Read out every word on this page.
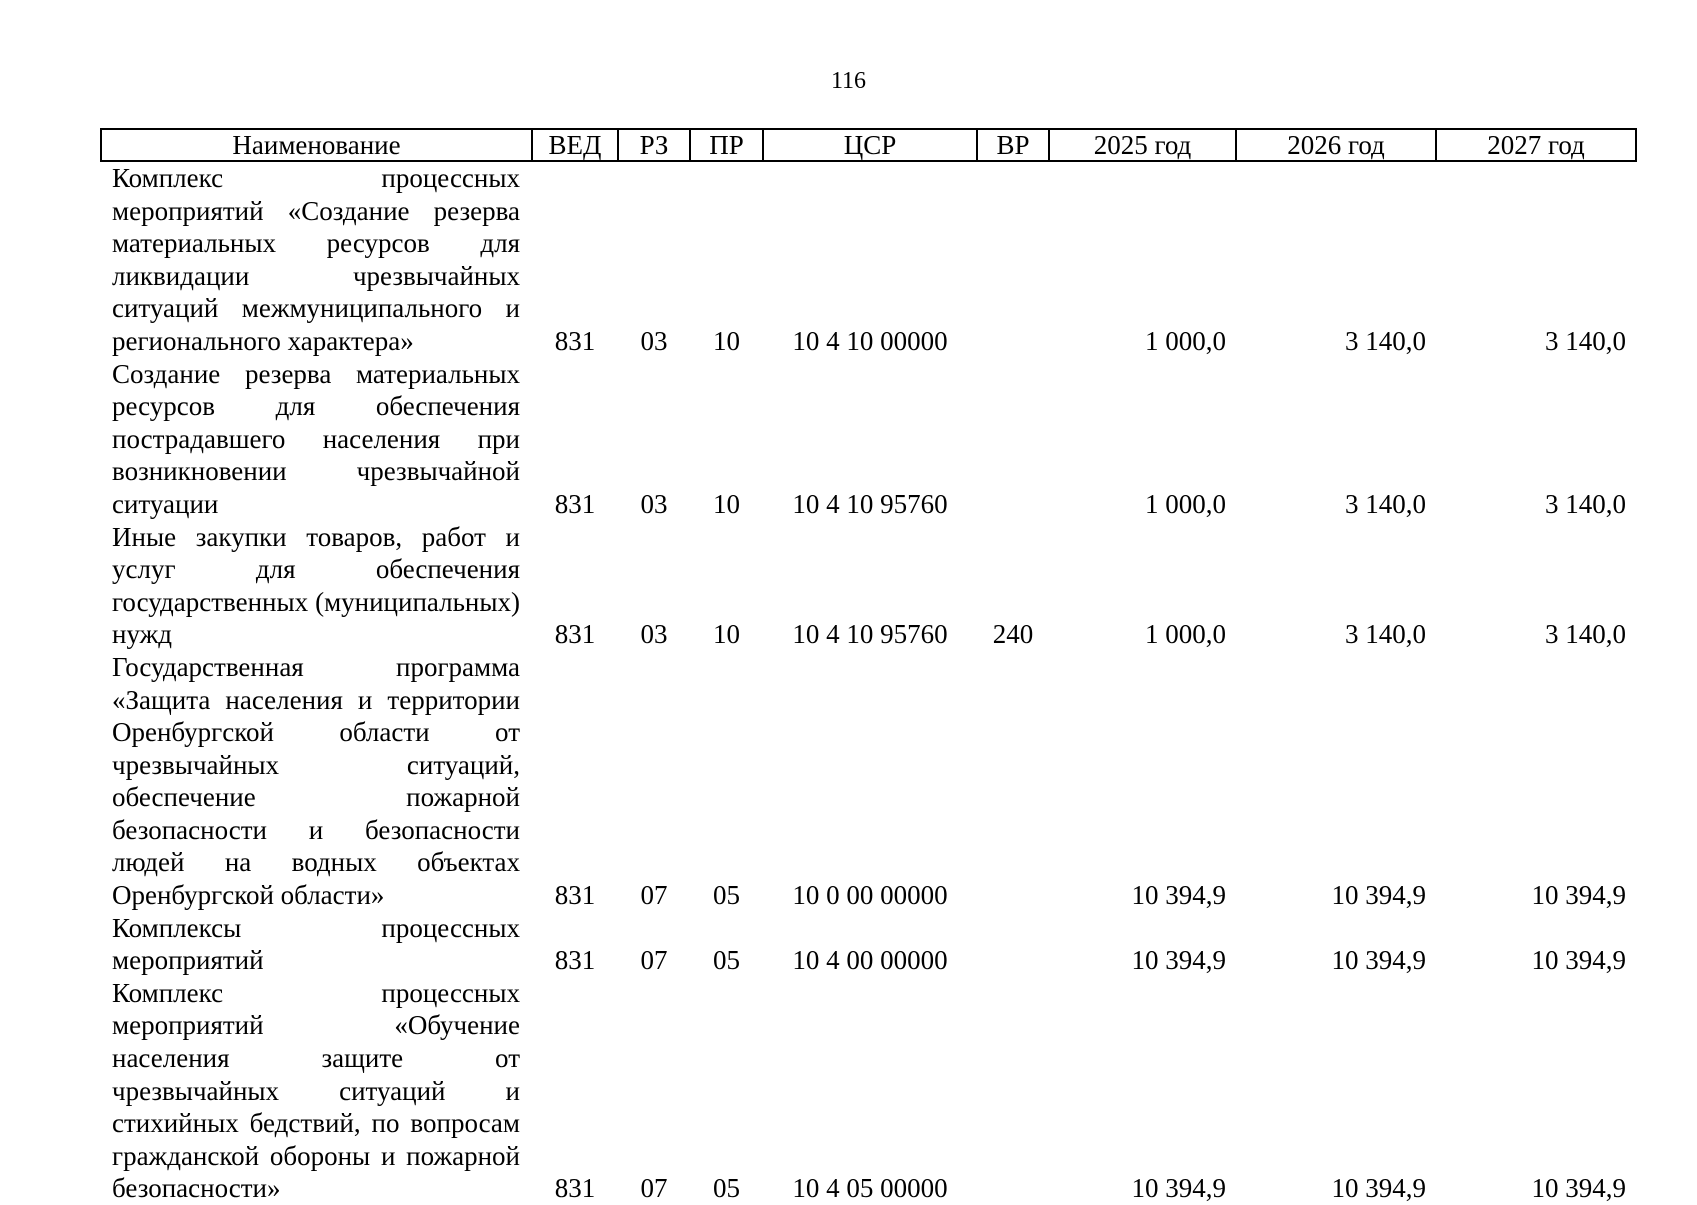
116
Наименование	ВЕД	РЗ	ПР	ЦСР	ВР	2025 год	2026 год	2027 год
Комплекс процессных мероприятий «Создание резерва материальных ресурсов для ликвидации чрезвычайных ситуаций межмуниципального и регионального характера»	831	03	10	10 4 10 00000		1 000,0	3 140,0	3 140,0
Создание резерва материальных ресурсов для обеспечения пострадавшего населения при возникновении чрезвычайной ситуации	831	03	10	10 4 10 95760		1 000,0	3 140,0	3 140,0
Иные закупки товаров, работ и услуг для обеспечения государственных (муниципальных) нужд	831	03	10	10 4 10 95760	240	1 000,0	3 140,0	3 140,0
Государственная программа «Защита населения и территории Оренбургской области от чрезвычайных ситуаций, обеспечение пожарной безопасности и безопасности людей на водных объектах Оренбургской области»	831	07	05	10 0 00 00000		10 394,9	10 394,9	10 394,9
Комплексы процессных мероприятий	831	07	05	10 4 00 00000		10 394,9	10 394,9	10 394,9
Комплекс процессных мероприятий «Обучение населения защите от чрезвычайных ситуаций и стихийных бедствий, по вопросам гражданской обороны и пожарной безопасности»	831	07	05	10 4 05 00000		10 394,9	10 394,9	10 394,9
